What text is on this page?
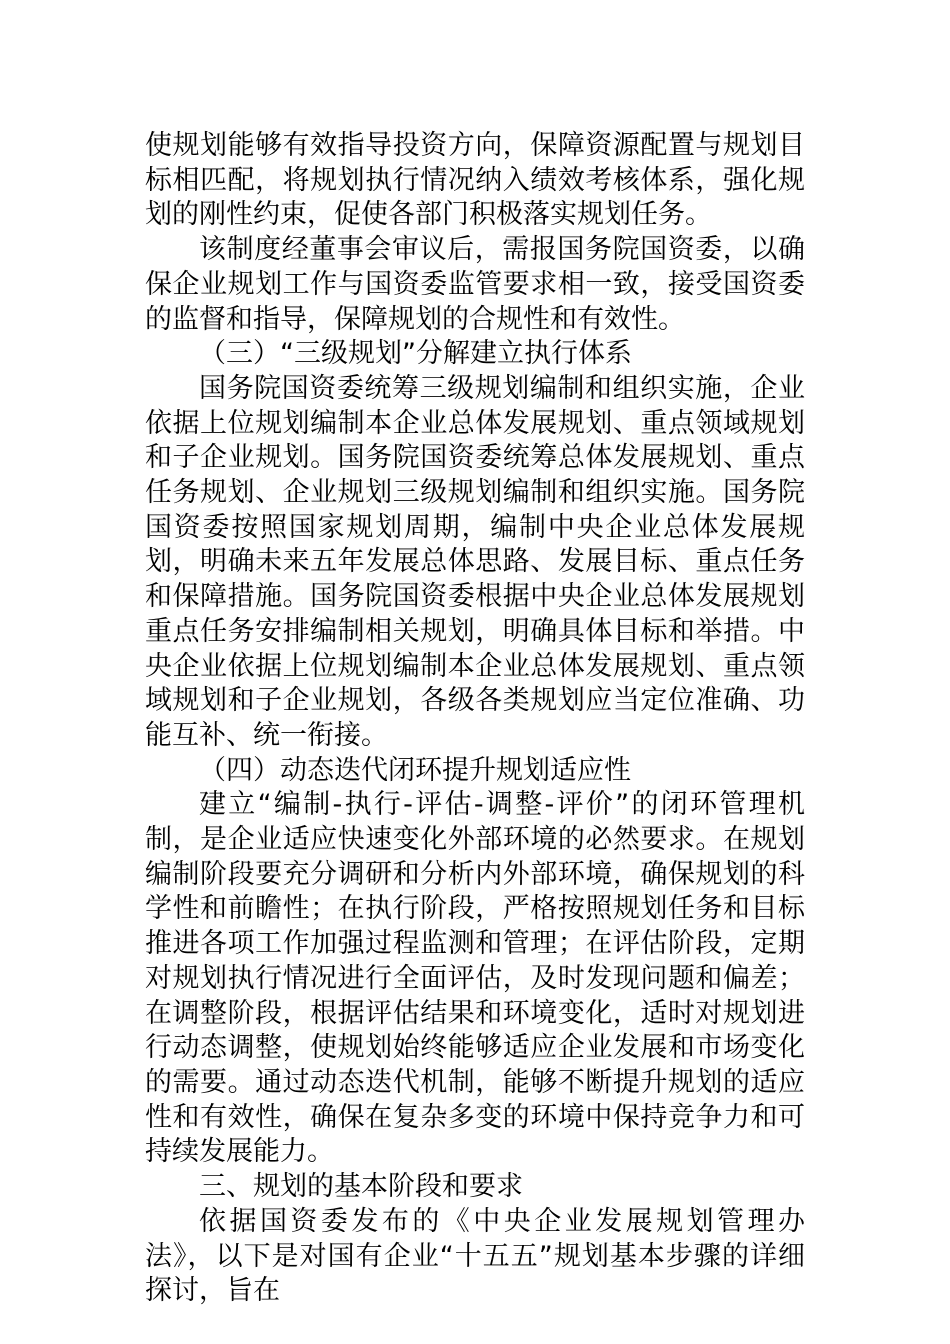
使规划能够有效指导投资方向，保障资源配置与规划目标相匹配，将规划执行情况纳入绩效考核体系，强化规划的刚性约束，促使各部门积极落实规划任务。

该制度经董事会审议后，需报国务院国资委，以确保企业规划工作与国资委监管要求相一致，接受国资委的监督和指导，保障规划的合规性和有效性。

（三）“三级规划”分解建立执行体系

国务院国资委统筹三级规划编制和组织实施，企业依据上位规划编制本企业总体发展规划、重点领域规划和子企业规划。国务院国资委统筹总体发展规划、重点任务规划、企业规划三级规划编制和组织实施。国务院国资委按照国家规划周期，编制中央企业总体发展规划，明确未来五年发展总体思路、发展目标、重点任务和保障措施。国务院国资委根据中央企业总体发展规划重点任务安排编制相关规划，明确具体目标和举措。中央企业依据上位规划编制本企业总体发展规划、重点领域规划和子企业规划，各级各类规划应当定位准确、功能互补、统一衔接。

（四）动态迭代闭环提升规划适应性

建立“编制-执行-评估-调整-评价”的闭环管理机制，是企业适应快速变化外部环境的必然要求。在规划编制阶段要充分调研和分析内外部环境，确保规划的科学性和前瞻性；在执行阶段，严格按照规划任务和目标推进各项工作加强过程监测和管理；在评估阶段，定期对规划执行情况进行全面评估，及时发现问题和偏差；在调整阶段，根据评估结果和环境变化，适时对规划进行动态调整，使规划始终能够适应企业发展和市场变化的需要。通过动态迭代机制，能够不断提升规划的适应性和有效性，确保在复杂多变的环境中保持竞争力和可持续发展能力。

三、规划的基本阶段和要求

依据国资委发布的《中央企业发展规划管理办法》，以下是对国有企业“十五五”规划基本步骤的详细探讨，旨在
